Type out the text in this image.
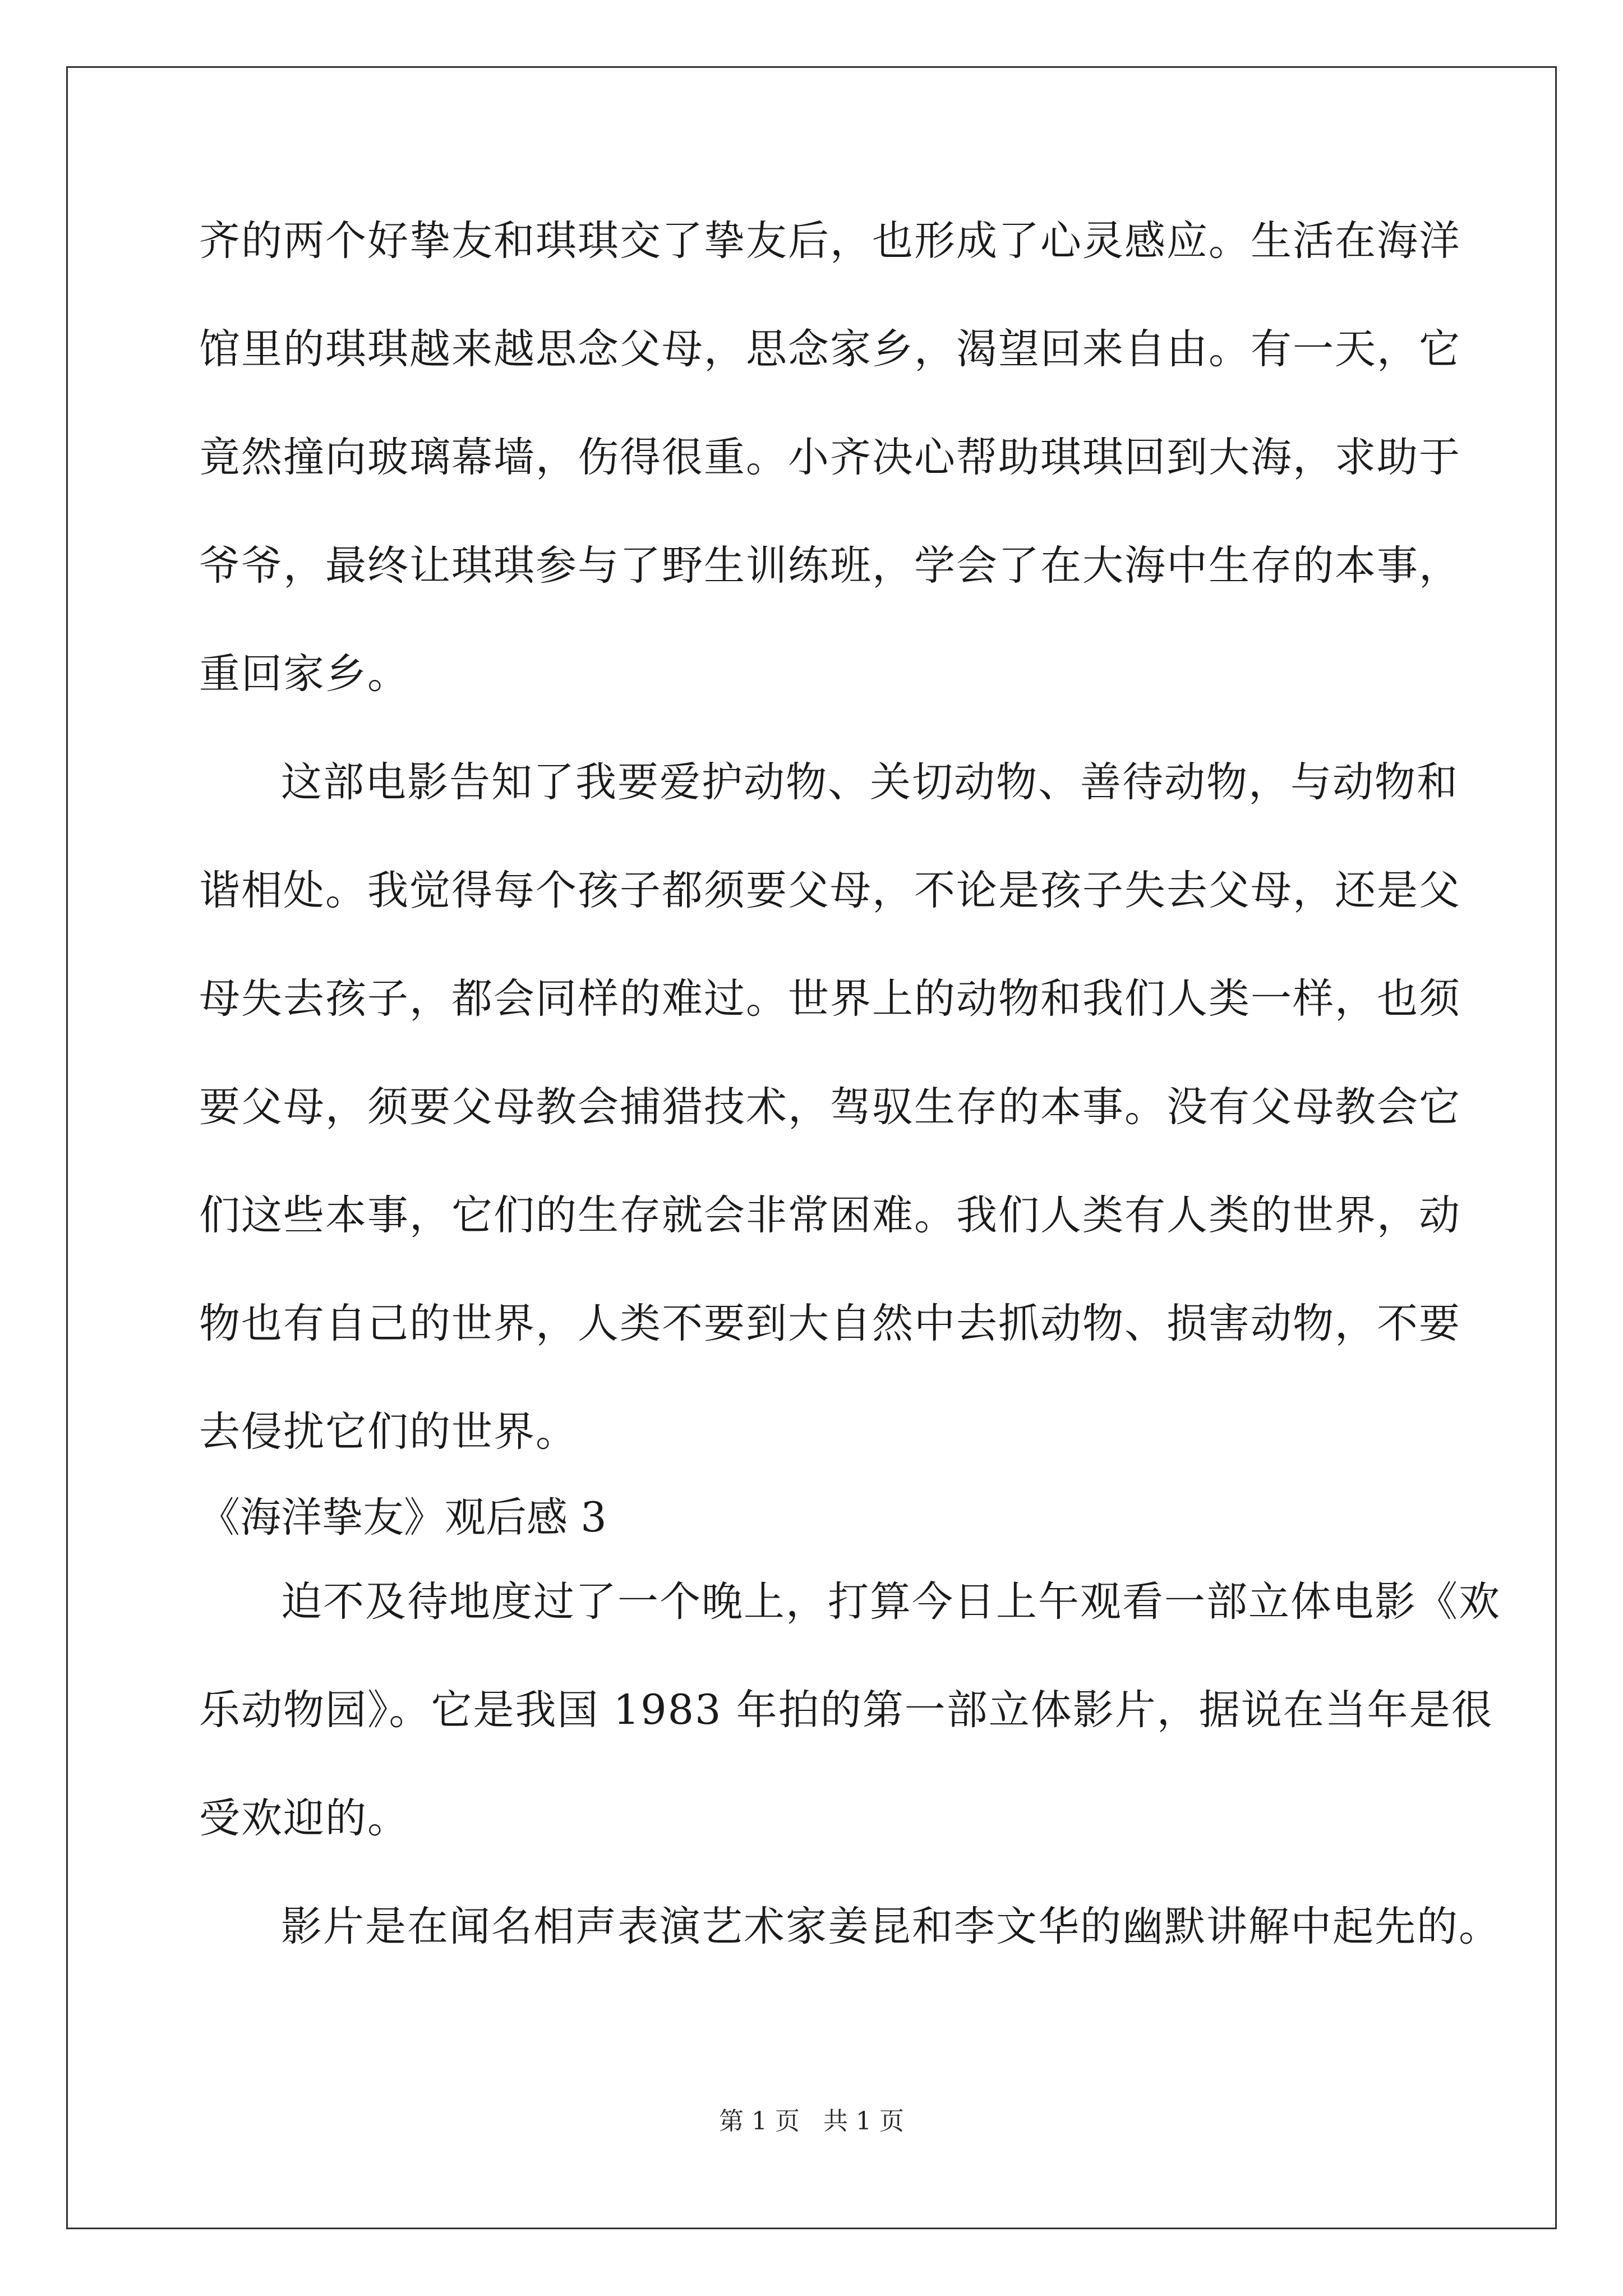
齐的两个好挚友和琪琪交了挚友后，也形成了心灵感应。生活在海洋
馆里的琪琪越来越思念父母，思念家乡，渴望回来自由。有一天，它
竟然撞向玻璃幕墙，伤得很重。小齐决心帮助琪琪回到大海，求助于
爷爷，最终让琪琪参与了野生训练班，学会了在大海中生存的本事，
重回家乡。
这部电影告知了我要爱护动物、关切动物、善待动物，与动物和
谐相处。我觉得每个孩子都须要父母，不论是孩子失去父母，还是父
母失去孩子，都会同样的难过。世界上的动物和我们人类一样，也须
要父母，须要父母教会捕猎技术，驾驭生存的本事。没有父母教会它
们这些本事，它们的生存就会非常困难。我们人类有人类的世界，动
物也有自己的世界，人类不要到大自然中去抓动物、损害动物，不要
去侵扰它们的世界。
《海洋挚友》观后感 3
迫不及待地度过了一个晚上，打算今日上午观看一部立体电影《欢
乐动物园》。它是我国 1983 年拍的第一部立体影片，据说在当年是很
受欢迎的。
影片是在闻名相声表演艺术家姜昆和李文华的幽默讲解中起先的。
第 1 页   共 1 页
